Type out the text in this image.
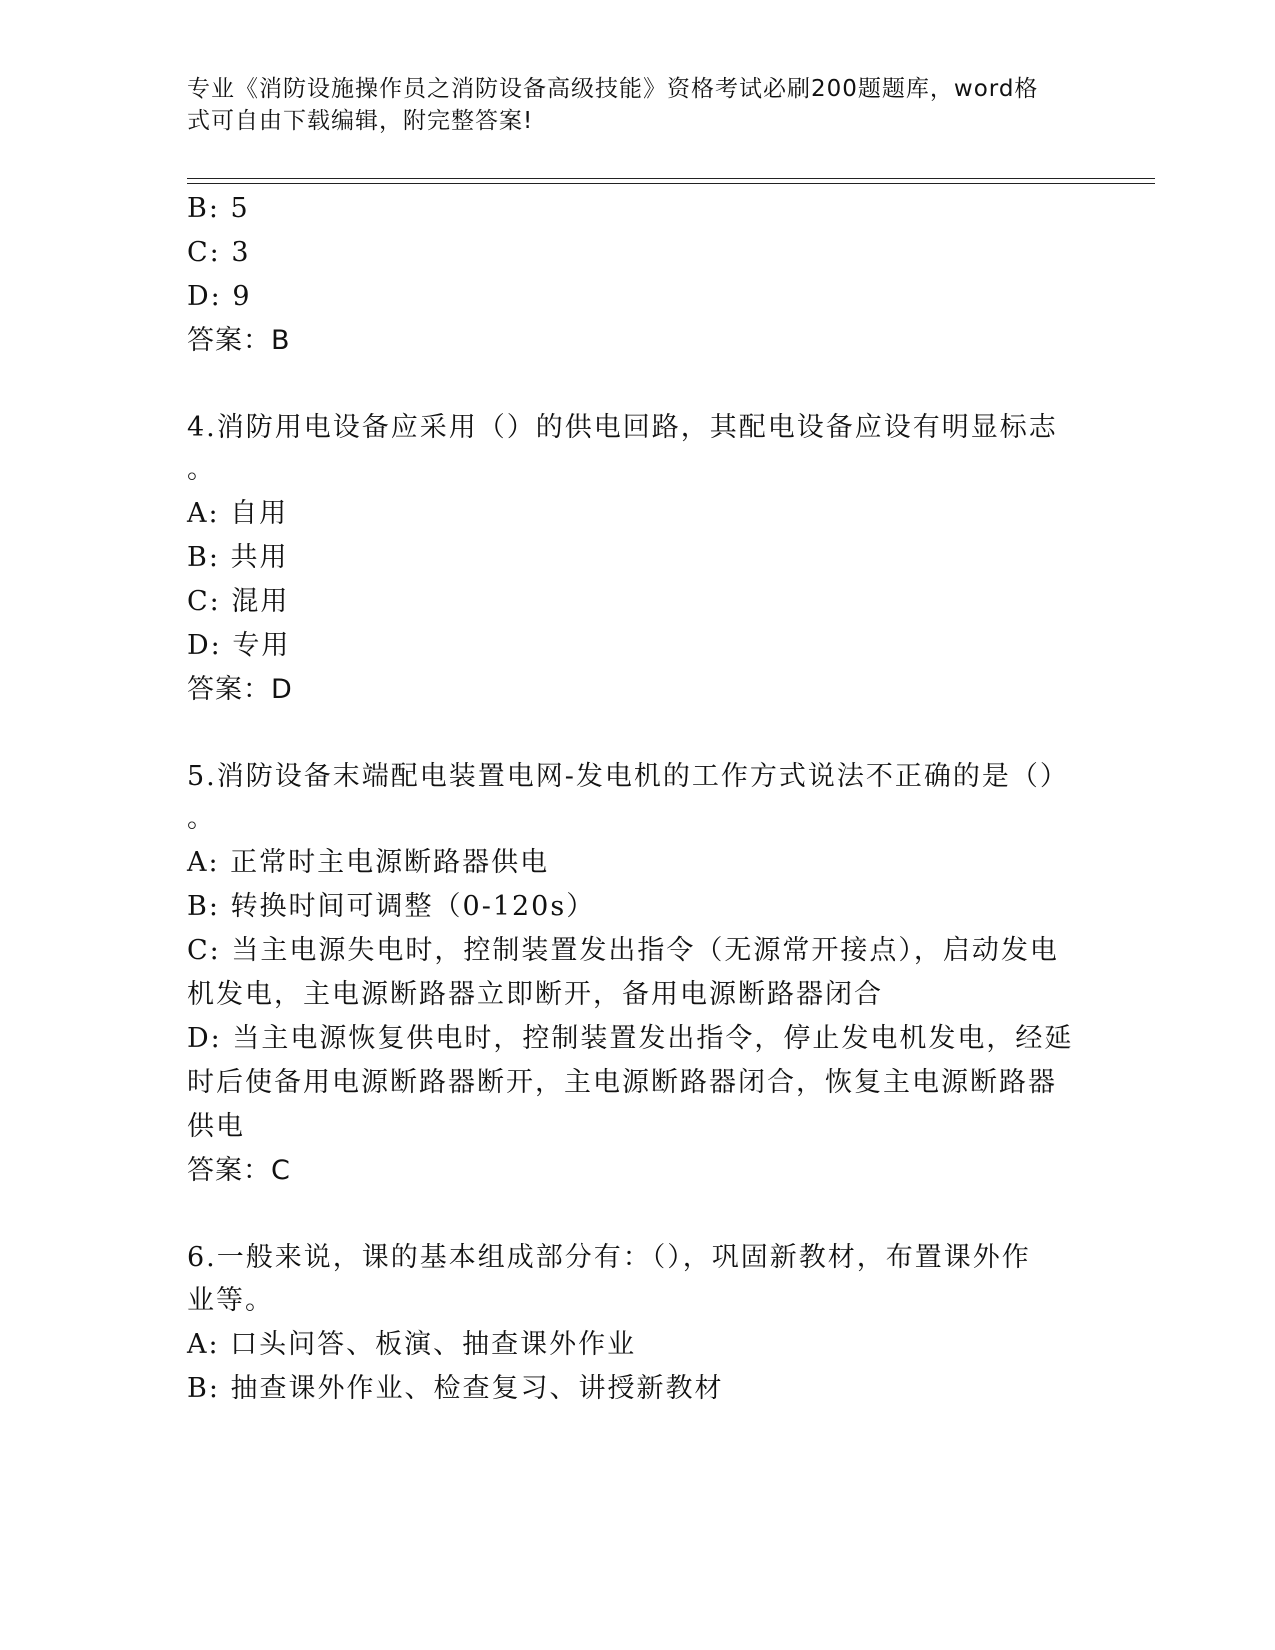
专业《消防设施操作员之消防设备高级技能》资格考试必刷200题题库，word格
式可自由下载编辑，附完整答案!
B: 5
C: 3
D: 9
答案：B
4.消防用电设备应采用（）的供电回路，其配电设备应设有明显标志
。
A: 自用
B: 共用
C: 混用
D: 专用
答案：D
5.消防设备末端配电装置电网-发电机的工作方式说法不正确的是（）
。
A: 正常时主电源断路器供电
B: 转换时间可调整（0-120s）
C: 当主电源失电时，控制装置发出指令（无源常开接点），启动发电
机发电，主电源断路器立即断开，备用电源断路器闭合
D: 当主电源恢复供电时，控制装置发出指令，停止发电机发电，经延
时后使备用电源断路器断开，主电源断路器闭合，恢复主电源断路器
供电
答案：C
6.一般来说，课的基本组成部分有：（），巩固新教材，布置课外作
业等。
A: 口头问答、板演、抽查课外作业
B: 抽查课外作业、检查复习、讲授新教材
